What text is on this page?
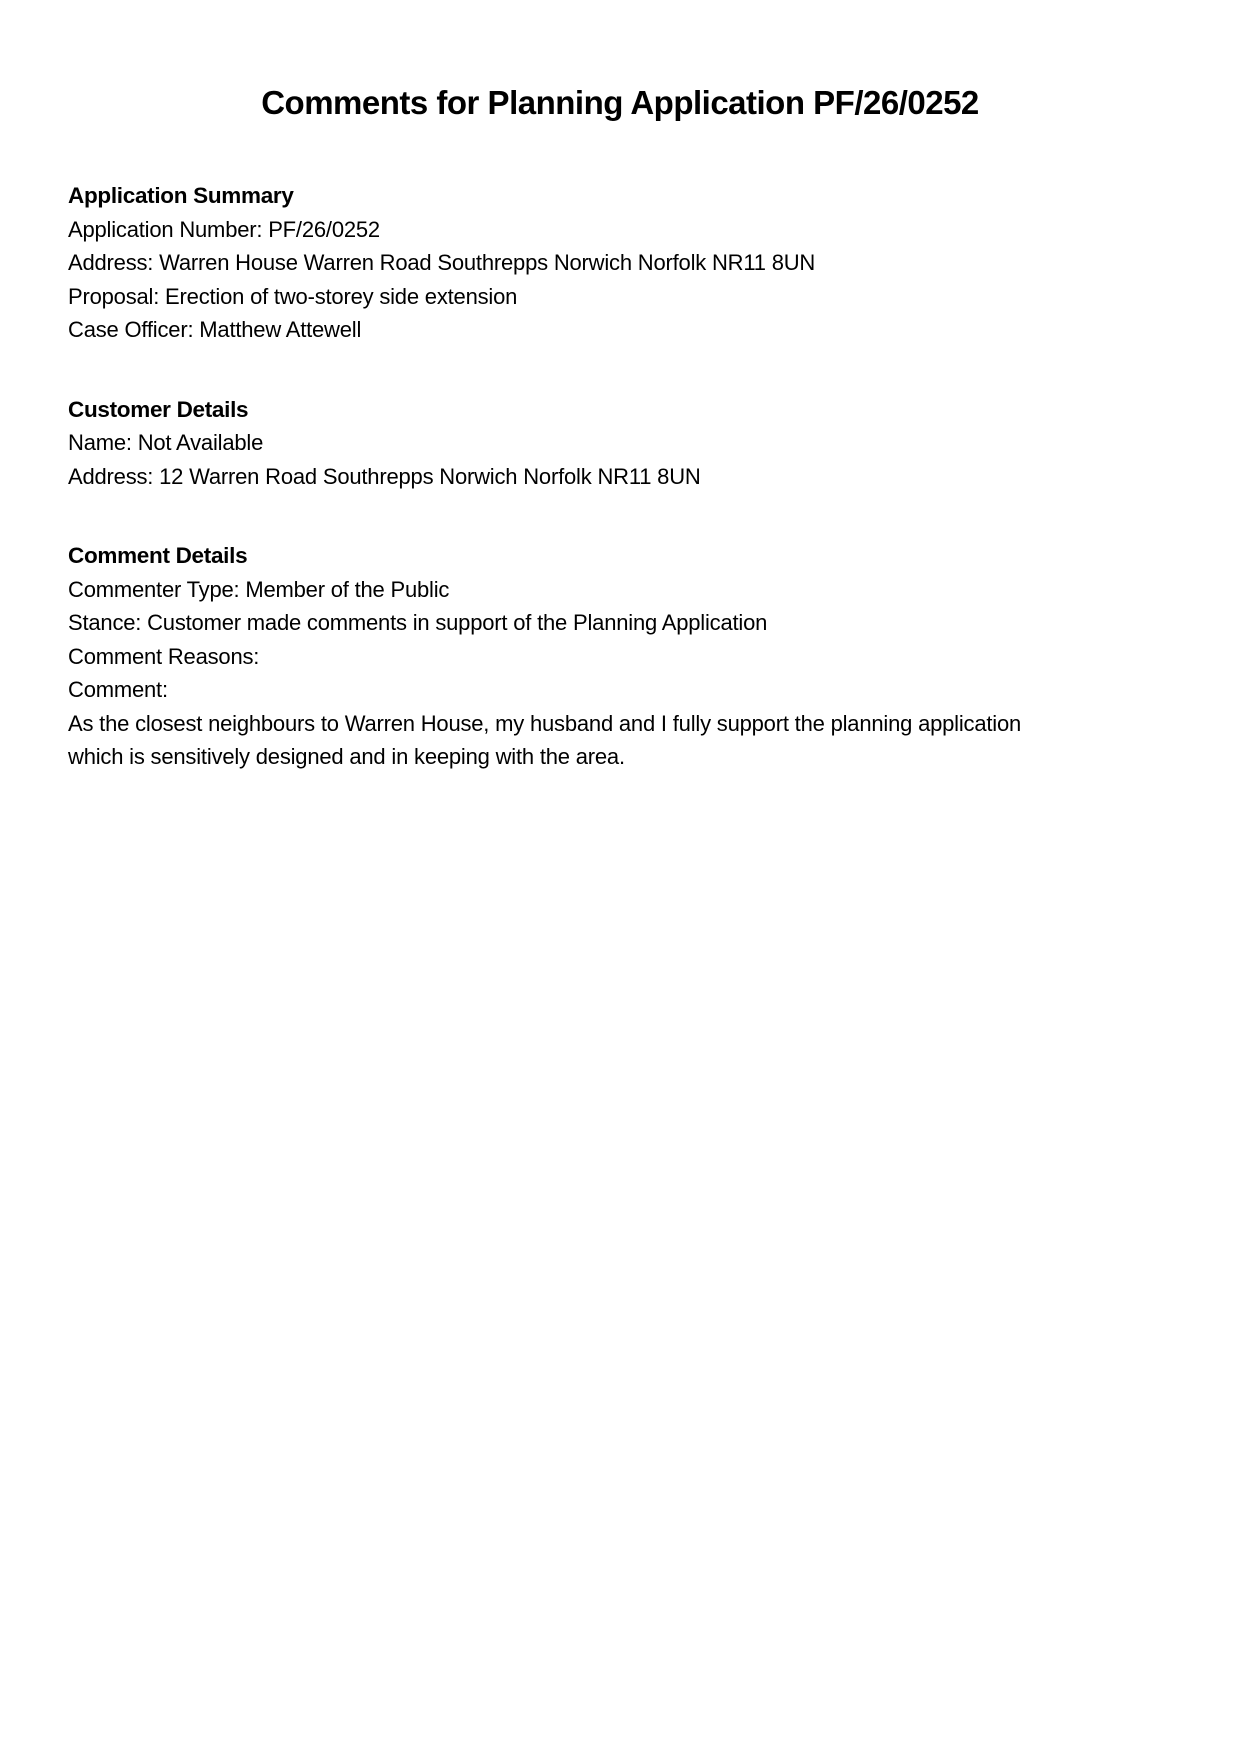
Comments for Planning Application PF/26/0252
Application Summary

Application Number: PF/26/0252

Address: Warren House Warren Road Southrepps Norwich Norfolk NR11 8UN

Proposal: Erection of two-storey side extension

Case Officer: Matthew Attewell

Customer Details

Name: Not Available

Address: 12 Warren Road Southrepps Norwich Norfolk NR11 8UN

Comment Details

Commenter Type: Member of the Public

Stance: Customer made comments in support of the Planning Application

Comment Reasons:

Comment:

As the closest neighbours to Warren House, my husband and I fully support the planning application which is sensitively designed and in keeping with the area.
